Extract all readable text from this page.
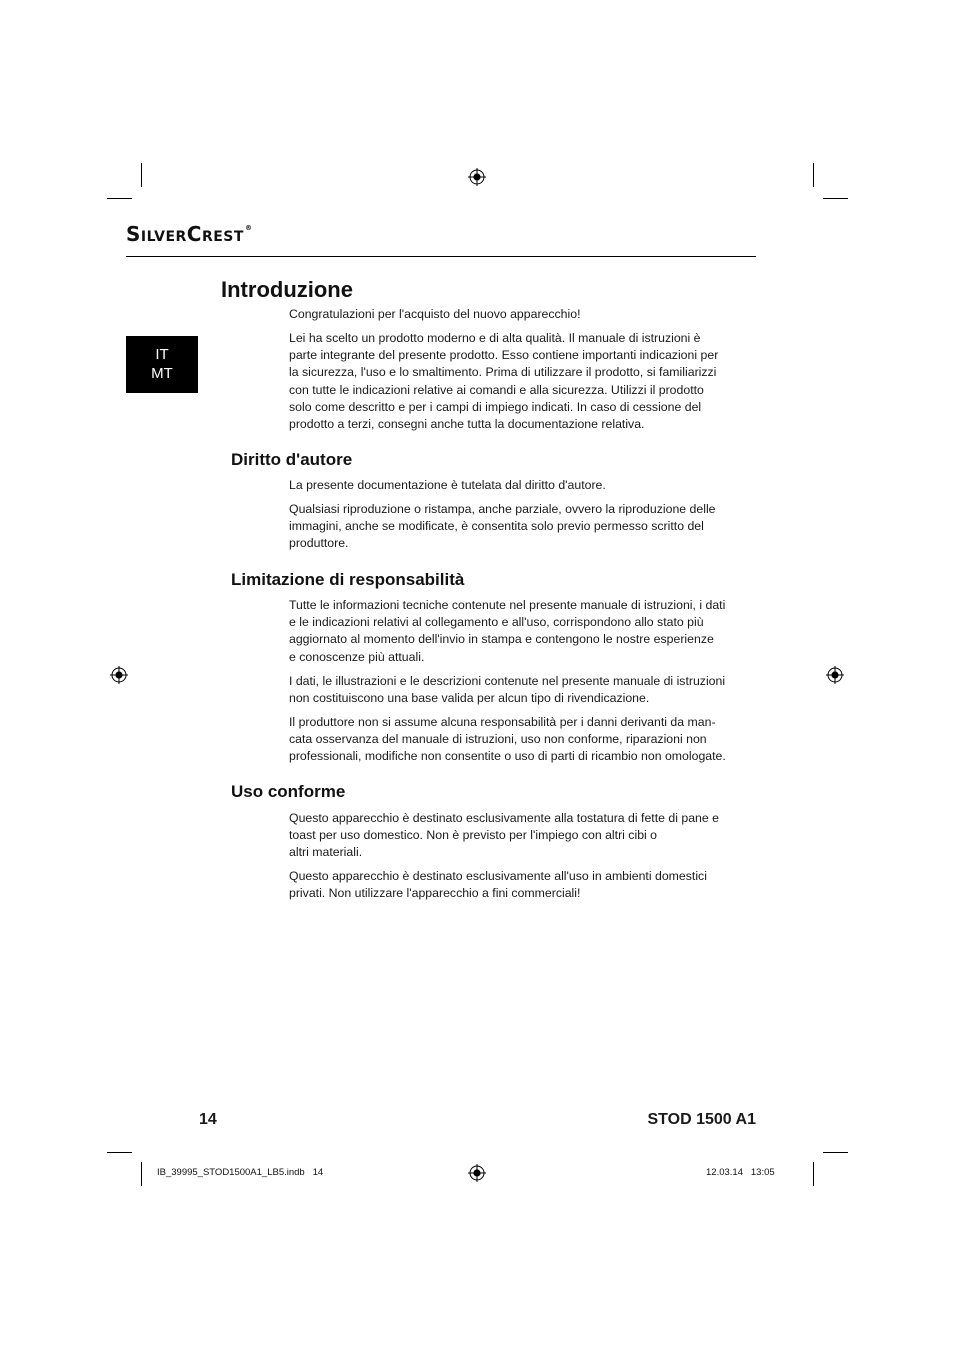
SilverCrest®
IT
MT
Introduzione

Congratulazioni per l'acquisto del nuovo apparecchio!

Lei ha scelto un prodotto moderno e di alta qualità. Il manuale di istruzioni è
parte integrante del presente prodotto. Esso contiene importanti indicazioni per
la sicurezza, l'uso e lo smaltimento. Prima di utilizzare il prodotto, si familiarizzi
con tutte le indicazioni relative ai comandi e alla sicurezza. Utilizzi il prodotto
solo come descritto e per i campi di impiego indicati. In caso di cessione del
prodotto a terzi, consegni anche tutta la documentazione relativa.

Diritto d'autore

La presente documentazione è tutelata dal diritto d'autore.

Qualsiasi riproduzione o ristampa, anche parziale, ovvero la riproduzione delle
immagini, anche se modificate, è consentita solo previo permesso scritto del
produttore.

Limitazione di responsabilità

Tutte le informazioni tecniche contenute nel presente manuale di istruzioni, i dati
e le indicazioni relativi al collegamento e all'uso, corrispondono allo stato più
aggiornato al momento dell'invio in stampa e contengono le nostre esperienze
e conoscenze più attuali.

I dati, le illustrazioni e le descrizioni contenute nel presente manuale di istruzioni
non costituiscono una base valida per alcun tipo di rivendicazione.

Il produttore non si assume alcuna responsabilità per i danni derivanti da man-
cata osservanza del manuale di istruzioni, uso non conforme, riparazioni non
professionali, modifiche non consentite o uso di parti di ricambio non omologate.

Uso conforme

Questo apparecchio è destinato esclusivamente alla tostatura di fette di pane e
toast per uso domestico. Non è previsto per l'impiego con altri cibi o
altri materiali.

Questo apparecchio è destinato esclusivamente all'uso in ambienti domestici
privati. Non utilizzare l'apparecchio a fini commerciali!

14	STOD 1500 A1
IB_39995_STOD1500A1_LB5.indb   14	12.03.14   13:05
